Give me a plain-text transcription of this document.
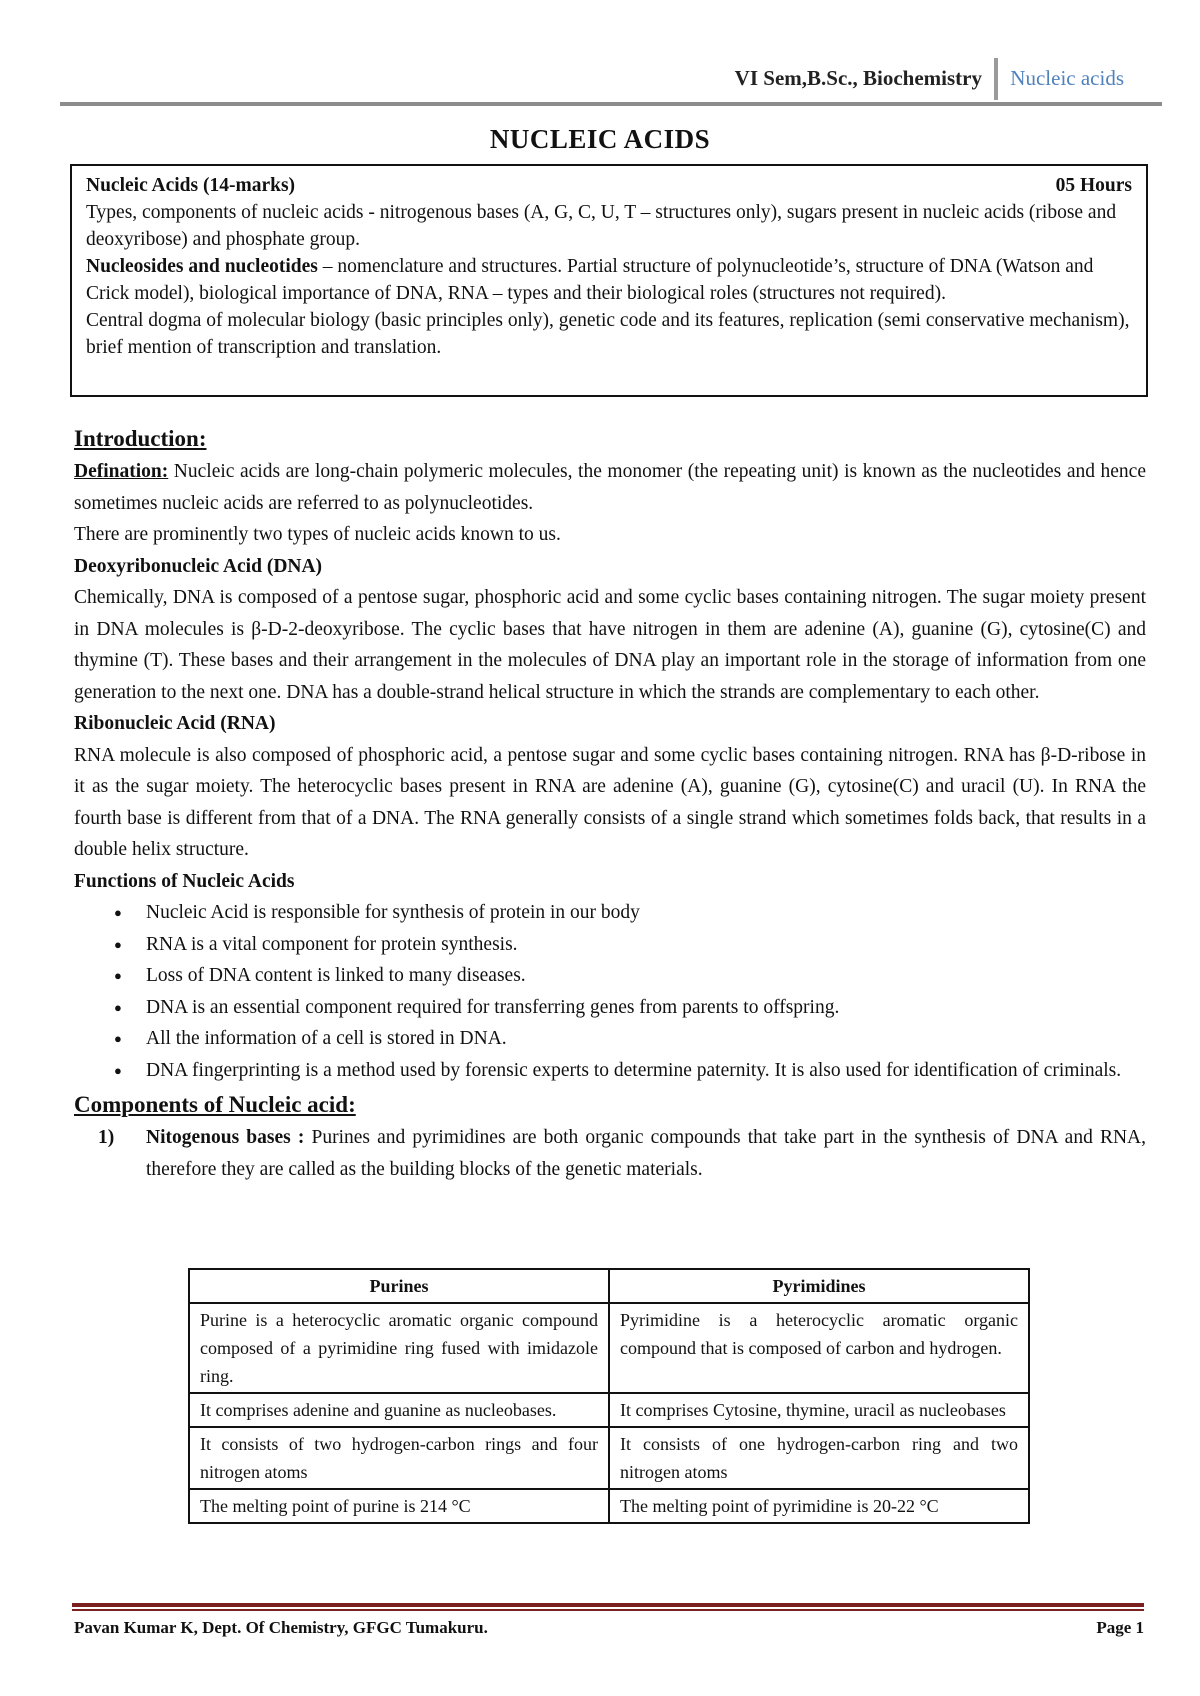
VI Sem,B.Sc., Biochemistry Nucleic acids
NUCLEIC ACIDS
Nucleic Acids (14-marks)	05 Hours

Types, components of nucleic acids - nitrogenous bases (A, G, C, U, T – structures only), sugars present in nucleic acids (ribose and deoxyribose) and phosphate group.

Nucleosides and nucleotides – nomenclature and structures. Partial structure of polynucleotide’s, structure of DNA (Watson and Crick model), biological importance of DNA, RNA – types and their biological roles (structures not required).

Central dogma of molecular biology (basic principles only), genetic code and its features, replication (semi conservative mechanism), brief mention of transcription and translation.

Introduction:

Defination: Nucleic acids are long-chain polymeric molecules, the monomer (the repeating unit) is known as the nucleotides and hence sometimes nucleic acids are referred to as polynucleotides.

There are prominently two types of nucleic acids known to us.

Deoxyribonucleic Acid (DNA)

Chemically, DNA is composed of a pentose sugar, phosphoric acid and some cyclic bases containing nitrogen. The sugar moiety present in DNA molecules is β-D-2-deoxyribose. The cyclic bases that have nitrogen in them are adenine (A), guanine (G), cytosine(C) and thymine (T). These bases and their arrangement in the molecules of DNA play an important role in the storage of information from one generation to the next one. DNA has a double-strand helical structure in which the strands are complementary to each other.

Ribonucleic Acid (RNA)

RNA molecule is also composed of phosphoric acid, a pentose sugar and some cyclic bases containing nitrogen. RNA has β-D-ribose in it as the sugar moiety. The heterocyclic bases present in RNA are adenine (A), guanine (G), cytosine(C) and uracil (U). In RNA the fourth base is different from that of a DNA. The RNA generally consists of a single strand which sometimes folds back, that results in a double helix structure.

Functions of Nucleic Acids

● Nucleic Acid is responsible for synthesis of protein in our body
● RNA is a vital component for protein synthesis.
● Loss of DNA content is linked to many diseases.
● DNA is an essential component required for transferring genes from parents to offspring.
● All the information of a cell is stored in DNA.
● DNA fingerprinting is a method used by forensic experts to determine paternity. It is also used for identification of criminals.
Components of Nucleic acid:
1)	Nitogenous bases : Purines and pyrimidines are both organic compounds that take part in the synthesis of DNA and RNA, therefore they are called as the building blocks of the genetic materials.
Purines	Pyrimidines
Purine is a heterocyclic aromatic organic compound composed of a pyrimidine ring fused with imidazole ring.	Pyrimidine is a heterocyclic aromatic organic compound that is composed of carbon and hydrogen.
It comprises adenine and guanine as nucleobases.	It comprises Cytosine, thymine, uracil as nucleobases
It consists of two hydrogen-carbon rings and four nitrogen atoms	It consists of one hydrogen-carbon ring and two nitrogen atoms
The melting point of purine is 214 °C	The melting point of pyrimidine is 20-22 °C
Pavan Kumar K, Dept. Of Chemistry, GFGC Tumakuru.	Page 1
